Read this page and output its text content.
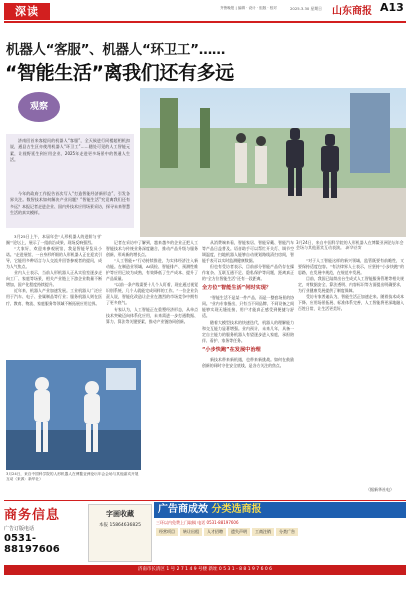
深读	齐鲁晚报 | 编辑 · 设计 · 组版 · 校对	2025.3.30 星期日 山东商报 A13
机器人“客服”、机器人“环卫工”……
“智能生活”离我们还有多远
观察

济南回首来客提问的机器人“客服”，全天候进行同楼超相机扣说，通县古生区亦使用机器人“环卫工”……随处可见的人工智能元素，让视野延生到应用企业、2025年走进更多场景中的普通人生活。

今年的政府工作报告首次写入“打造智能经济新形态”，引发各界关注。数智技术如何解决产业问题？“智能生活”究竟离我们还有多远？本报记者走进企业、国内外技术应用场景采访，探寻未来智慧生活的真实模样。

3月24日，来自中国科学院的人形机器人在博鳌亚洲论坛年会会场与其他嘉宾互动表演。 新华社发

3月25日上午，本届年会“人形机器人的进阶与‘扩圈’”论坛上，展示了一组前沿成果，现场反响强烈。

“大家好，欢迎来参观展馆，我是智能导览员小诺。”走进展馆，一台身形纤细的人形机器人正在迎宾引导，它能用多种语言与人交流并回答参观者的提问，成为人气焦点。

业内人士表示，当前人形机器人正从实验室逐步走向工厂、家庭等场景，相关产业链上下游企业数量不断增加，国产化程度持续提升。

近年来，机器人产业加速发展。工业机器人广泛应用于汽车、电子、金属制品等行业；服务机器人则在医疗、教育、物流、家庭服务等领域不断拓展应用边界。

记者在采访中了解到，越来越多的企业正把人工智能技术与传统业务深度融合，推动产品升级与服务创新，形成新的增长点。

“人工智能+”行动持续推进，为实体经济注入新动能。在制造业领域，AI质检、智能排产、预测性维护等应用已较为成熟，有效降低了生产成本、提升了产品质量。

“以前一条产线需要十几个人盯着，现在通过视觉识别系统，几个人就能完成同样的工作。”一位企业负责人说，智能化改造让企业在激烈的市场竞争中拥有了更多底气。

专家认为，人工智能正在重塑经济形态，从单点技术突破迈向体系化应用，未来需进一步打通数据、算力、算法等关键要素，推动产业链协同创新。

从消费端来看，智能家居、智能穿戴、智能汽车等产品日益普及。语音助手可以帮忙开关灯、调节空调温度，扫地机器人能够自动规划路线清扫房间，智能手表可以实时监测健康数据。

但也有受访者表示，目前部分智能产品仍存在操作复杂、互联互通不足、隐私保护等问题，距离真正的“全方位智能生活”还有一段距离。

全方位“智能生活”何时实现？

“智能生活不是某一件产品，而是一整套场景的协同。”业内专家指出，只有当不同品牌、不同设备之间能够实现无缝连接，用户才能真正感受到便捷与舒适。

随着大模型技术的快速迭代，机器人的理解能力和交互能力显著增强。业内预计，未来几年，具备一定自主能力的服务机器人有望逐步进入家庭，承担陪伴、看护、家务等任务。

“小步快跑”在发展中治理

新技术带来新机遇，也带来新挑战。如何在鼓励创新的同时守住安全底线，是各方关注的焦点。

“对于人工智能这样的新兴领域，监管既要有前瞻性，又要保持适度包容。”有法律界人士表示，应坚持“小步快跑”的思路，在发展中规范，在规范中发展。

目前，我国已陆续出台生成式人工智能服务管理等相关规定，对数据安全、算法透明、内容标识等方面提出明确要求，为行业健康发展提供了制度保障。

受访专家普遍认为，智能生活正加速走来。随着技术成本下降、应用场景拓展、标准体系完善，人工智能将更深地融入百姓日常，让生活更美好。

（据新华社电）
3月24日，来自中国科学院的人形机器人在博鳌亚洲论坛年会会场与其他嘉宾开展互动（来源：新华社）
商务信息
广告订版电话
0531-88197606
字画收藏
本报 15864636825
广告商成效 分类选商报
三环以内免费上门取稿 电话 0531-88197606
经营项目	转让出租	人才招聘	遗失声明	工商注销	分类广告
济南市长清区 1 号 2 7 1 4 9 号楼 新址 0 5 3 1 - 8 8 1 9 7 6 0 6
